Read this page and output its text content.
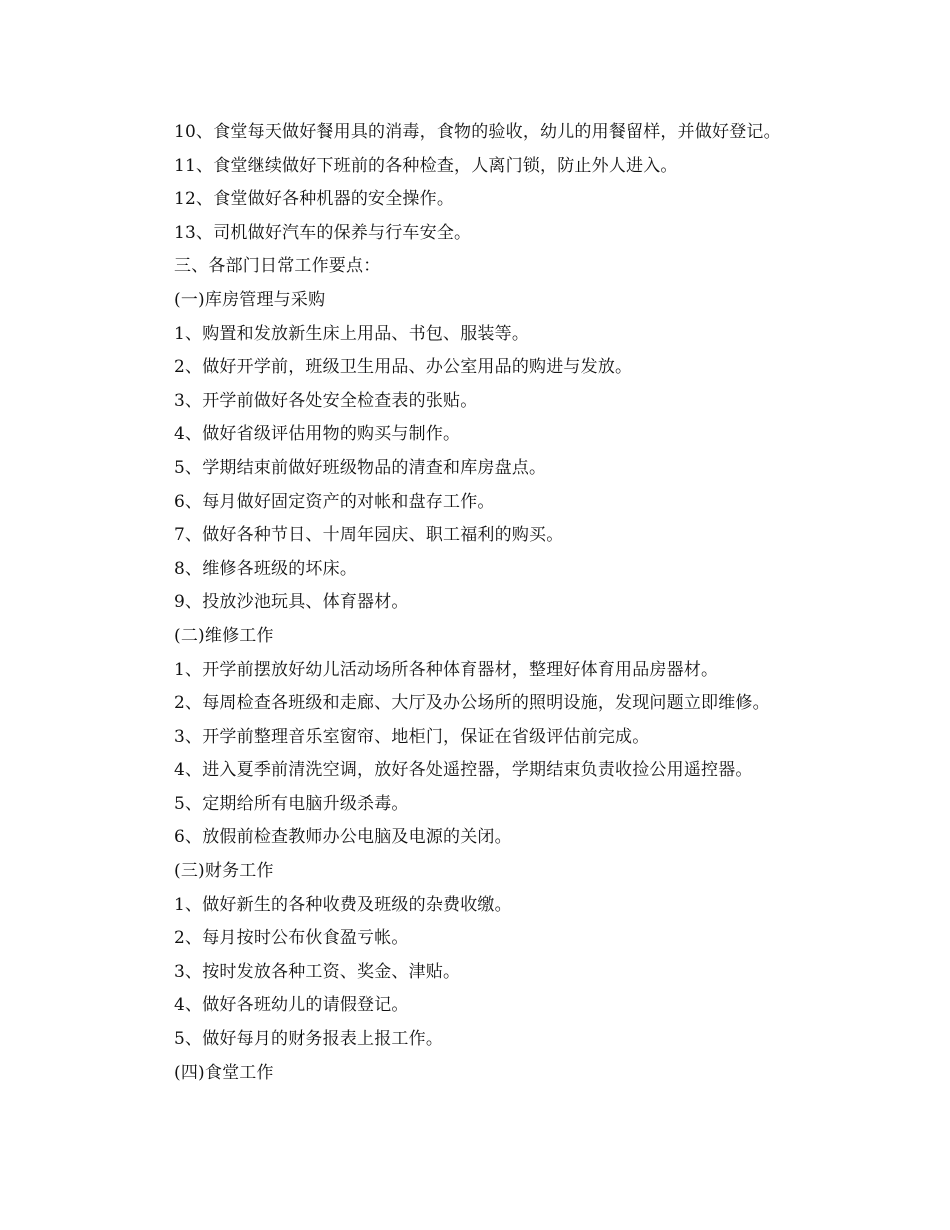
10、食堂每天做好餐用具的消毒，食物的验收，幼儿的用餐留样，并做好登记。
11、食堂继续做好下班前的各种检查，人离门锁，防止外人进入。
12、食堂做好各种机器的安全操作。
13、司机做好汽车的保养与行车安全。
三、各部门日常工作要点：
(一)库房管理与采购
1、购置和发放新生床上用品、书包、服装等。
2、做好开学前，班级卫生用品、办公室用品的购进与发放。
3、开学前做好各处安全检查表的张贴。
4、做好省级评估用物的购买与制作。
5、学期结束前做好班级物品的清查和库房盘点。
6、每月做好固定资产的对帐和盘存工作。
7、做好各种节日、十周年园庆、职工福利的购买。
8、维修各班级的坏床。
9、投放沙池玩具、体育器材。
(二)维修工作
1、开学前摆放好幼儿活动场所各种体育器材，整理好体育用品房器材。
2、每周检查各班级和走廊、大厅及办公场所的照明设施，发现问题立即维修。
3、开学前整理音乐室窗帘、地柜门，保证在省级评估前完成。
4、进入夏季前清洗空调，放好各处遥控器，学期结束负责收捡公用遥控器。
5、定期给所有电脑升级杀毒。
6、放假前检查教师办公电脑及电源的关闭。
(三)财务工作
1、做好新生的各种收费及班级的杂费收缴。
2、每月按时公布伙食盈亏帐。
3、按时发放各种工资、奖金、津贴。
4、做好各班幼儿的请假登记。
5、做好每月的财务报表上报工作。
(四)食堂工作
